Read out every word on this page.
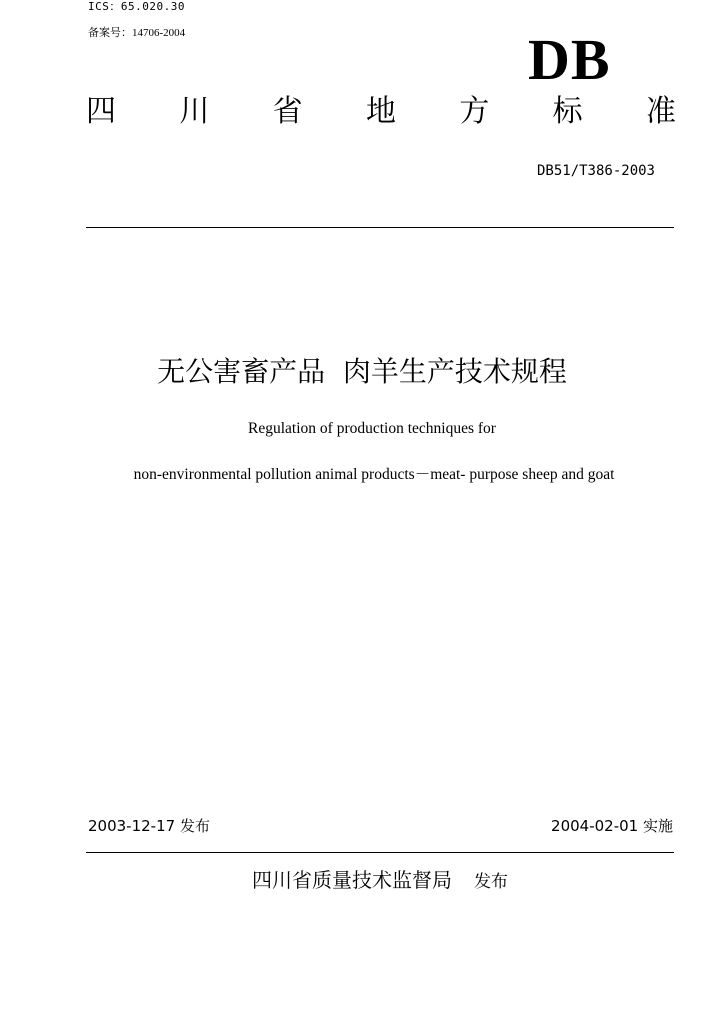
ICS：65.020.30
备案号：14706-2004	DB
四 川 省 地 方 标 准
DB51/T386-2003
无公害畜产品  肉羊生产技术规程
Regulation of production techniques for
non-environmental pollution animal products－meat- purpose sheep and goat
2003-12-17 发布	2004-02-01 实施
四川省质量技术监督局 发布
